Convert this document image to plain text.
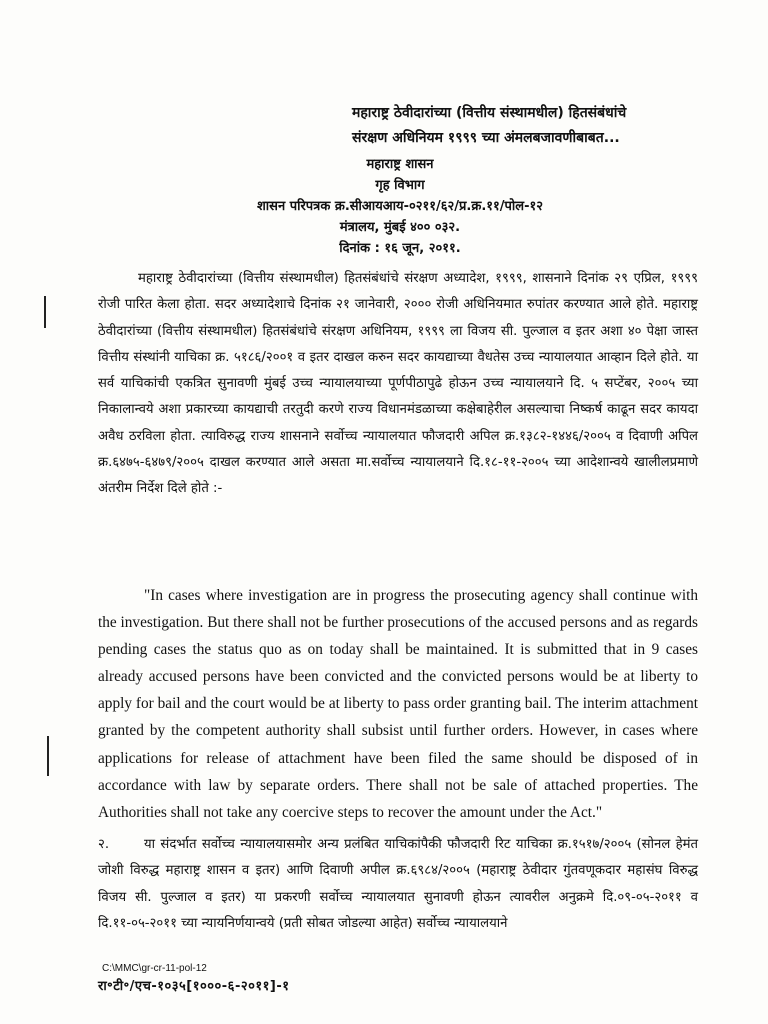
महाराष्ट्र ठेवीदारांच्या (वित्तीय संस्थामधील) हितसंबंधांचे
संरक्षण अधिनियम १९९९ च्या अंमलबजावणीबाबत...
महाराष्ट्र शासन
गृह विभाग
शासन परिपत्रक क्र.सीआयआय-०२११/६२/प्र.क्र.११/पोल-१२
मंत्रालय, मुंबई ४०० ०३२.
दिनांक : १६ जून, २०११.

महाराष्ट्र ठेवीदारांच्या (वित्तीय संस्थामधील) हितसंबंधांचे संरक्षण अध्यादेश, १९९९, शासनाने दिनांक २९ एप्रिल, १९९९ रोजी पारित केला होता. सदर अध्यादेशाचे दिनांक २१ जानेवारी, २००० रोजी अधिनियमात रुपांतर करण्यात आले होते. महाराष्ट्र ठेवीदारांच्या (वित्तीय संस्थामधील) हितसंबंधांचे संरक्षण अधिनियम, १९९९ ला विजय सी. पुल्जाल व इतर अशा ४० पेक्षा जास्त वित्तीय संस्थांनी याचिका क्र. ५१८६/२००१ व इतर दाखल करुन सदर कायद्याच्या वैधतेस उच्च न्यायालयात आव्हान दिले होते. या सर्व याचिकांची एकत्रित सुनावणी मुंबई उच्च न्यायालयाच्या पूर्णपीठापुढे होऊन उच्च न्यायालयाने दि. ५ सप्टेंबर, २००५ च्या निकालान्वये अशा प्रकारच्या कायद्याची तरतुदी करणे राज्य विधानमंडळाच्या कक्षेबाहेरील असल्याचा निष्कर्ष काढून सदर कायदा अवैध ठरविला होता. त्याविरुद्ध राज्य शासनाने सर्वोच्च न्यायालयात फौजदारी अपिल क्र.१३८२-१४४६/२००५ व दिवाणी अपिल क्र.६४७५-६४७९/२००५ दाखल करण्यात आले असता मा.सर्वोच्च न्यायालयाने दि.१८-११-२००५ च्या आदेशान्वये खालीलप्रमाणे अंतरीम निर्देश दिले होते :-

"In cases where investigation are in progress the prosecuting agency shall continue with the investigation. But there shall not be further prosecutions of the accused persons and as regards pending cases the status quo as on today shall be maintained. It is submitted that in 9 cases already accused persons have been convicted and the convicted persons would be at liberty to apply for bail and the court would be at liberty to pass order granting bail. The interim attachment granted by the competent authority shall subsist until further orders. However, in cases where applications for release of attachment have been filed the same should be disposed of in accordance with law by separate orders. There shall not be sale of attached properties. The Authorities shall not take any coercive steps to recover the amount under the Act."

२.	या संदर्भात सर्वोच्च न्यायालयासमोर अन्य प्रलंबित याचिकांपैकी फौजदारी रिट याचिका क्र.१५१७/२००५ (सोनल हेमंत जोशी विरुद्ध महाराष्ट्र शासन व इतर) आणि दिवाणी अपील क्र.६९८४/२००५ (महाराष्ट्र ठेवीदार गुंतवणूकदार महासंघ विरुद्ध विजय सी. पुल्जाल व इतर) या प्रकरणी सर्वोच्च न्यायालयात सुनावणी होऊन त्यावरील अनुक्रमे दि.०९-०५-२०११ व दि.११-०५-२०११ च्या न्यायनिर्णयान्वये (प्रती सोबत जोडल्या आहेत) सर्वोच्च न्यायालयाने

C:\MMC\gr-cr-11-pol-12
रा॰टी॰/एच-१०३५[१०००-६-२०११]-१
